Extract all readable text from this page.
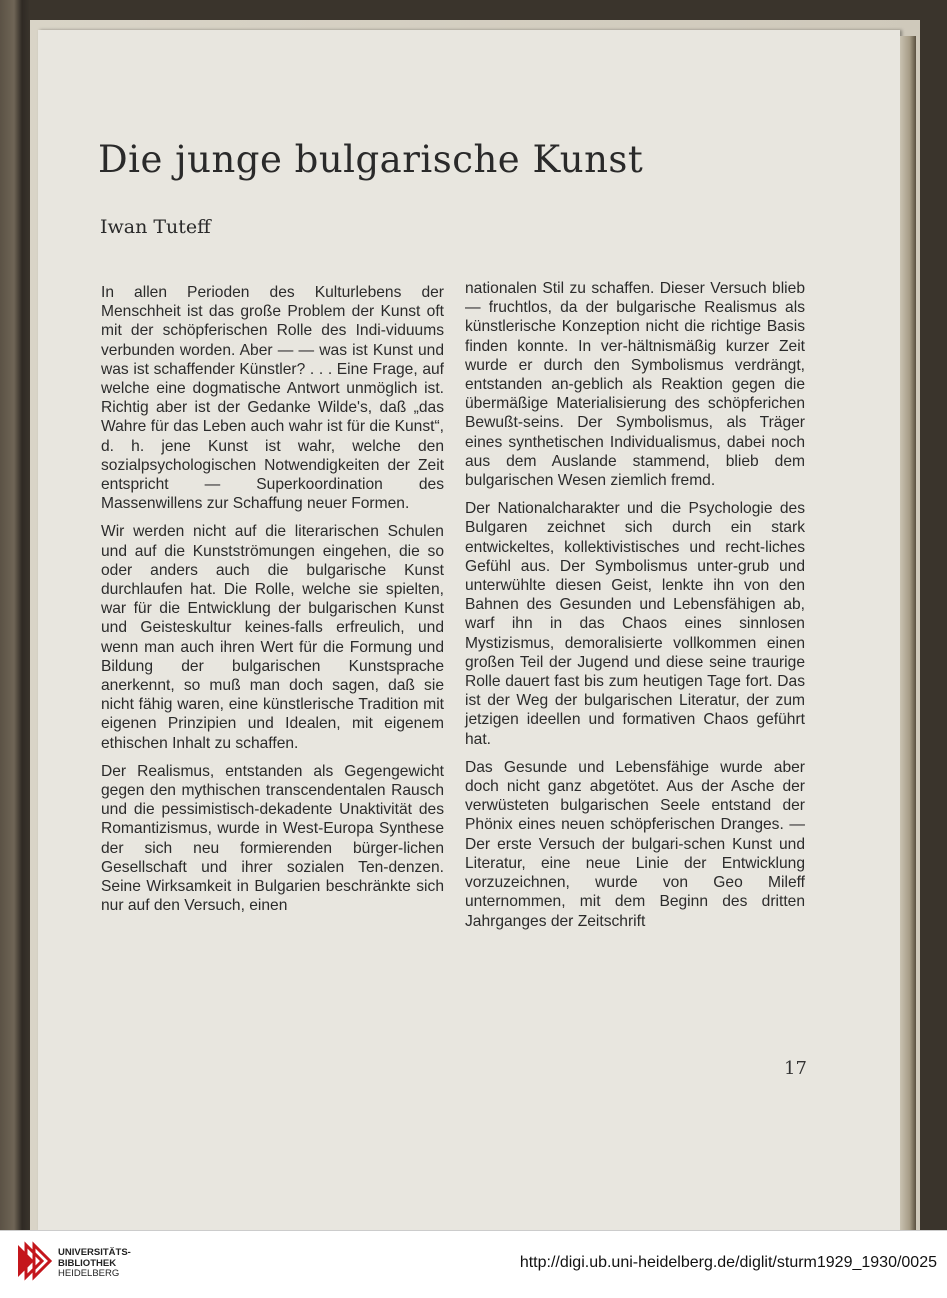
Die junge bulgarische Kunst

Iwan Tuteff

In allen Perioden des Kulturlebens der Menschheit ist das große Problem der Kunst oft mit der schöpferischen Rolle des Indi-viduums verbunden worden. Aber — — was ist Kunst und was ist schaffender Künstler? . . . Eine Frage, auf welche eine dogmatische Antwort unmöglich ist. Richtig aber ist der Gedanke Wilde's, daß „das Wahre für das Leben auch wahr ist für die Kunst“, d. h. jene Kunst ist wahr, welche den sozialpsychologischen Notwendigkeiten der Zeit entspricht — Superkoordination des Massenwillens zur Schaffung neuer Formen.

Wir werden nicht auf die literarischen Schulen und auf die Kunstströmungen eingehen, die so oder anders auch die bulgarische Kunst durchlaufen hat. Die Rolle, welche sie spielten, war für die Entwicklung der bulgarischen Kunst und Geisteskultur keines-falls erfreulich, und wenn man auch ihren Wert für die Formung und Bildung der bulgarischen Kunstsprache anerkennt, so muß man doch sagen, daß sie nicht fähig waren, eine künstlerische Tradition mit eigenen Prinzipien und Idealen, mit eigenem ethischen Inhalt zu schaffen.

Der Realismus, entstanden als Gegengewicht gegen den mythischen transcendentalen Rausch und die pessimistisch-dekadente Unaktivität des Romantizismus, wurde in West-Europa Synthese der sich neu formierenden bürger-lichen Gesellschaft und ihrer sozialen Ten-denzen. Seine Wirksamkeit in Bulgarien beschränkte sich nur auf den Versuch, einen

nationalen Stil zu schaffen. Dieser Versuch blieb — fruchtlos, da der bulgarische Realismus als künstlerische Konzeption nicht die richtige Basis finden konnte. In ver-hältnismäßig kurzer Zeit wurde er durch den Symbolismus verdrängt, entstanden an-geblich als Reaktion gegen die übermäßige Materialisierung des schöpferichen Bewußt-seins. Der Symbolismus, als Träger eines synthetischen Individualismus, dabei noch aus dem Auslande stammend, blieb dem bulgarischen Wesen ziemlich fremd.

Der Nationalcharakter und die Psychologie des Bulgaren zeichnet sich durch ein stark entwickeltes, kollektivistisches und recht-liches Gefühl aus. Der Symbolismus unter-grub und unterwühlte diesen Geist, lenkte ihn von den Bahnen des Gesunden und Lebensfähigen ab, warf ihn in das Chaos eines sinnlosen Mystizismus, demoralisierte vollkommen einen großen Teil der Jugend und diese seine traurige Rolle dauert fast bis zum heutigen Tage fort. Das ist der Weg der bulgarischen Literatur, der zum jetzigen ideellen und formativen Chaos geführt hat.

Das Gesunde und Lebensfähige wurde aber doch nicht ganz abgetötet. Aus der Asche der verwüsteten bulgarischen Seele entstand der Phönix eines neuen schöpferischen Dranges. — Der erste Versuch der bulgari-schen Kunst und Literatur, eine neue Linie der Entwicklung vorzuzeichnen, wurde von Geo Mileff unternommen, mit dem Beginn des dritten Jahrganges der Zeitschrift

17

UNIVERSITÄTS-
BIBLIOTHEK
HEIDELBERG
http://digi.ub.uni-heidelberg.de/diglit/sturm1929_1930/0025
